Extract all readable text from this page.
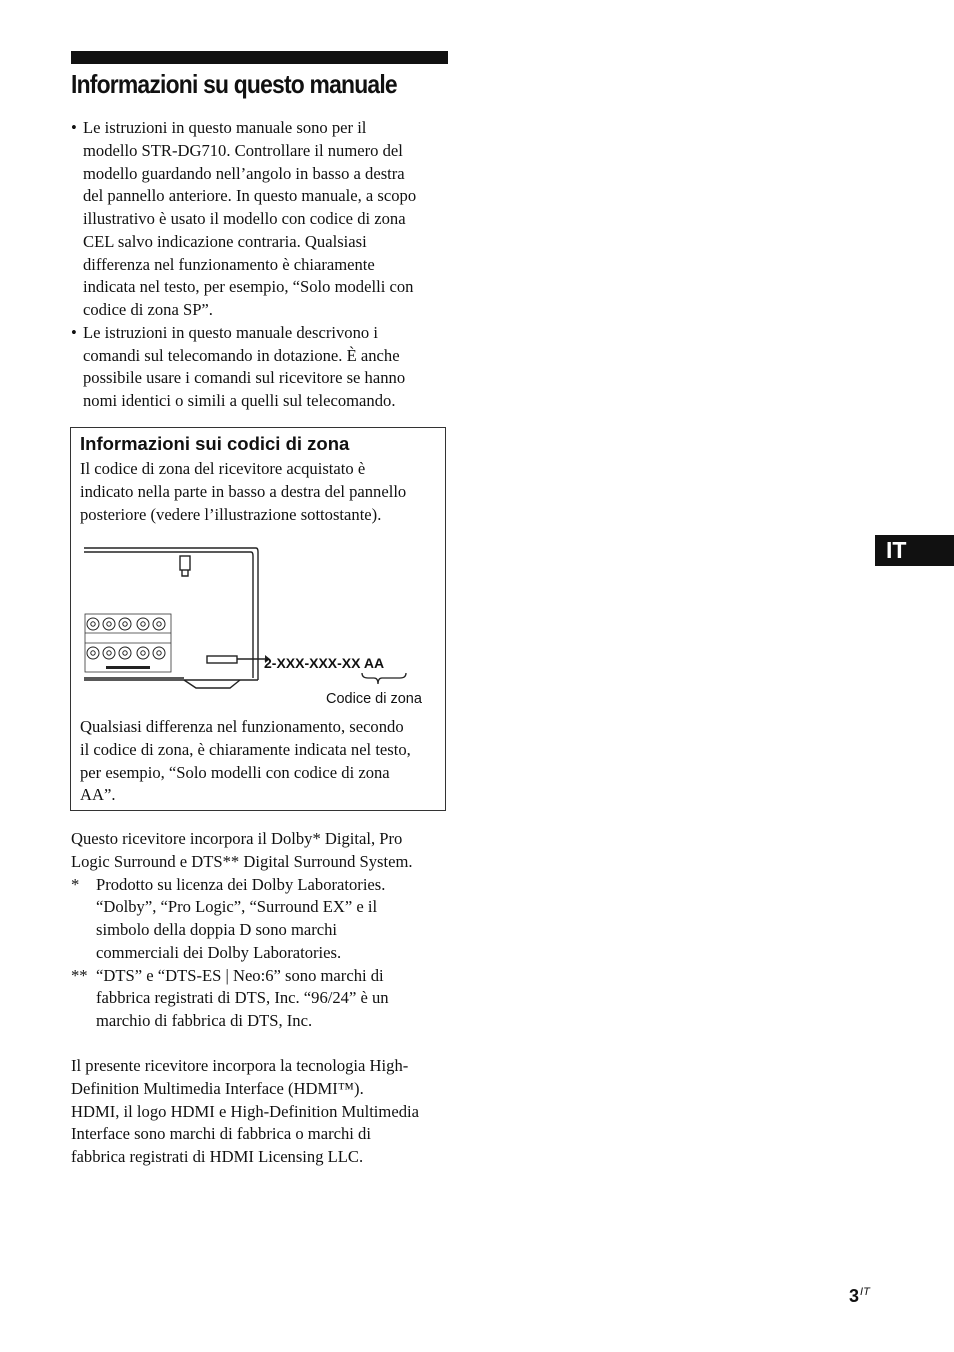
Informazioni su questo manuale
• Le istruzioni in questo manuale sono per il
modello STR-DG710. Controllare il numero del
modello guardando nell’angolo in basso a destra
del pannello anteriore. In questo manuale, a scopo
illustrativo è usato il modello con codice di zona
CEL salvo indicazione contraria. Qualsiasi
differenza nel funzionamento è chiaramente
indicata nel testo, per esempio, “Solo modelli con
codice di zona SP”.
• Le istruzioni in questo manuale descrivono i
comandi sul telecomando in dotazione. È anche
possibile usare i comandi sul ricevitore se hanno
nomi identici o simili a quelli sul telecomando.
Informazioni sui codici di zona
Il codice di zona del ricevitore acquistato è
indicato nella parte in basso a destra del pannello
posteriore (vedere l’illustrazione sottostante).
2-XXX-XXX-XX AA
Codice di zona
Qualsiasi differenza nel funzionamento, secondo
il codice di zona, è chiaramente indicata nel testo,
per esempio, “Solo modelli con codice di zona
AA”.
Questo ricevitore incorpora il Dolby* Digital, Pro
Logic Surround e DTS** Digital Surround System.
* Prodotto su licenza dei Dolby Laboratories.
“Dolby”, “Pro Logic”, “Surround EX” e il
simbolo della doppia D sono marchi
commerciali dei Dolby Laboratories.
** “DTS” e “DTS-ES | Neo:6” sono marchi di
fabbrica registrati di DTS, Inc. “96/24” è un
marchio di fabbrica di DTS, Inc.
Il presente ricevitore incorpora la tecnologia High-
Definition Multimedia Interface (HDMI™).
HDMI, il logo HDMI e High-Definition Multimedia
Interface sono marchi di fabbrica o marchi di
fabbrica registrati di HDMI Licensing LLC.
IT
$3^{IT}$
